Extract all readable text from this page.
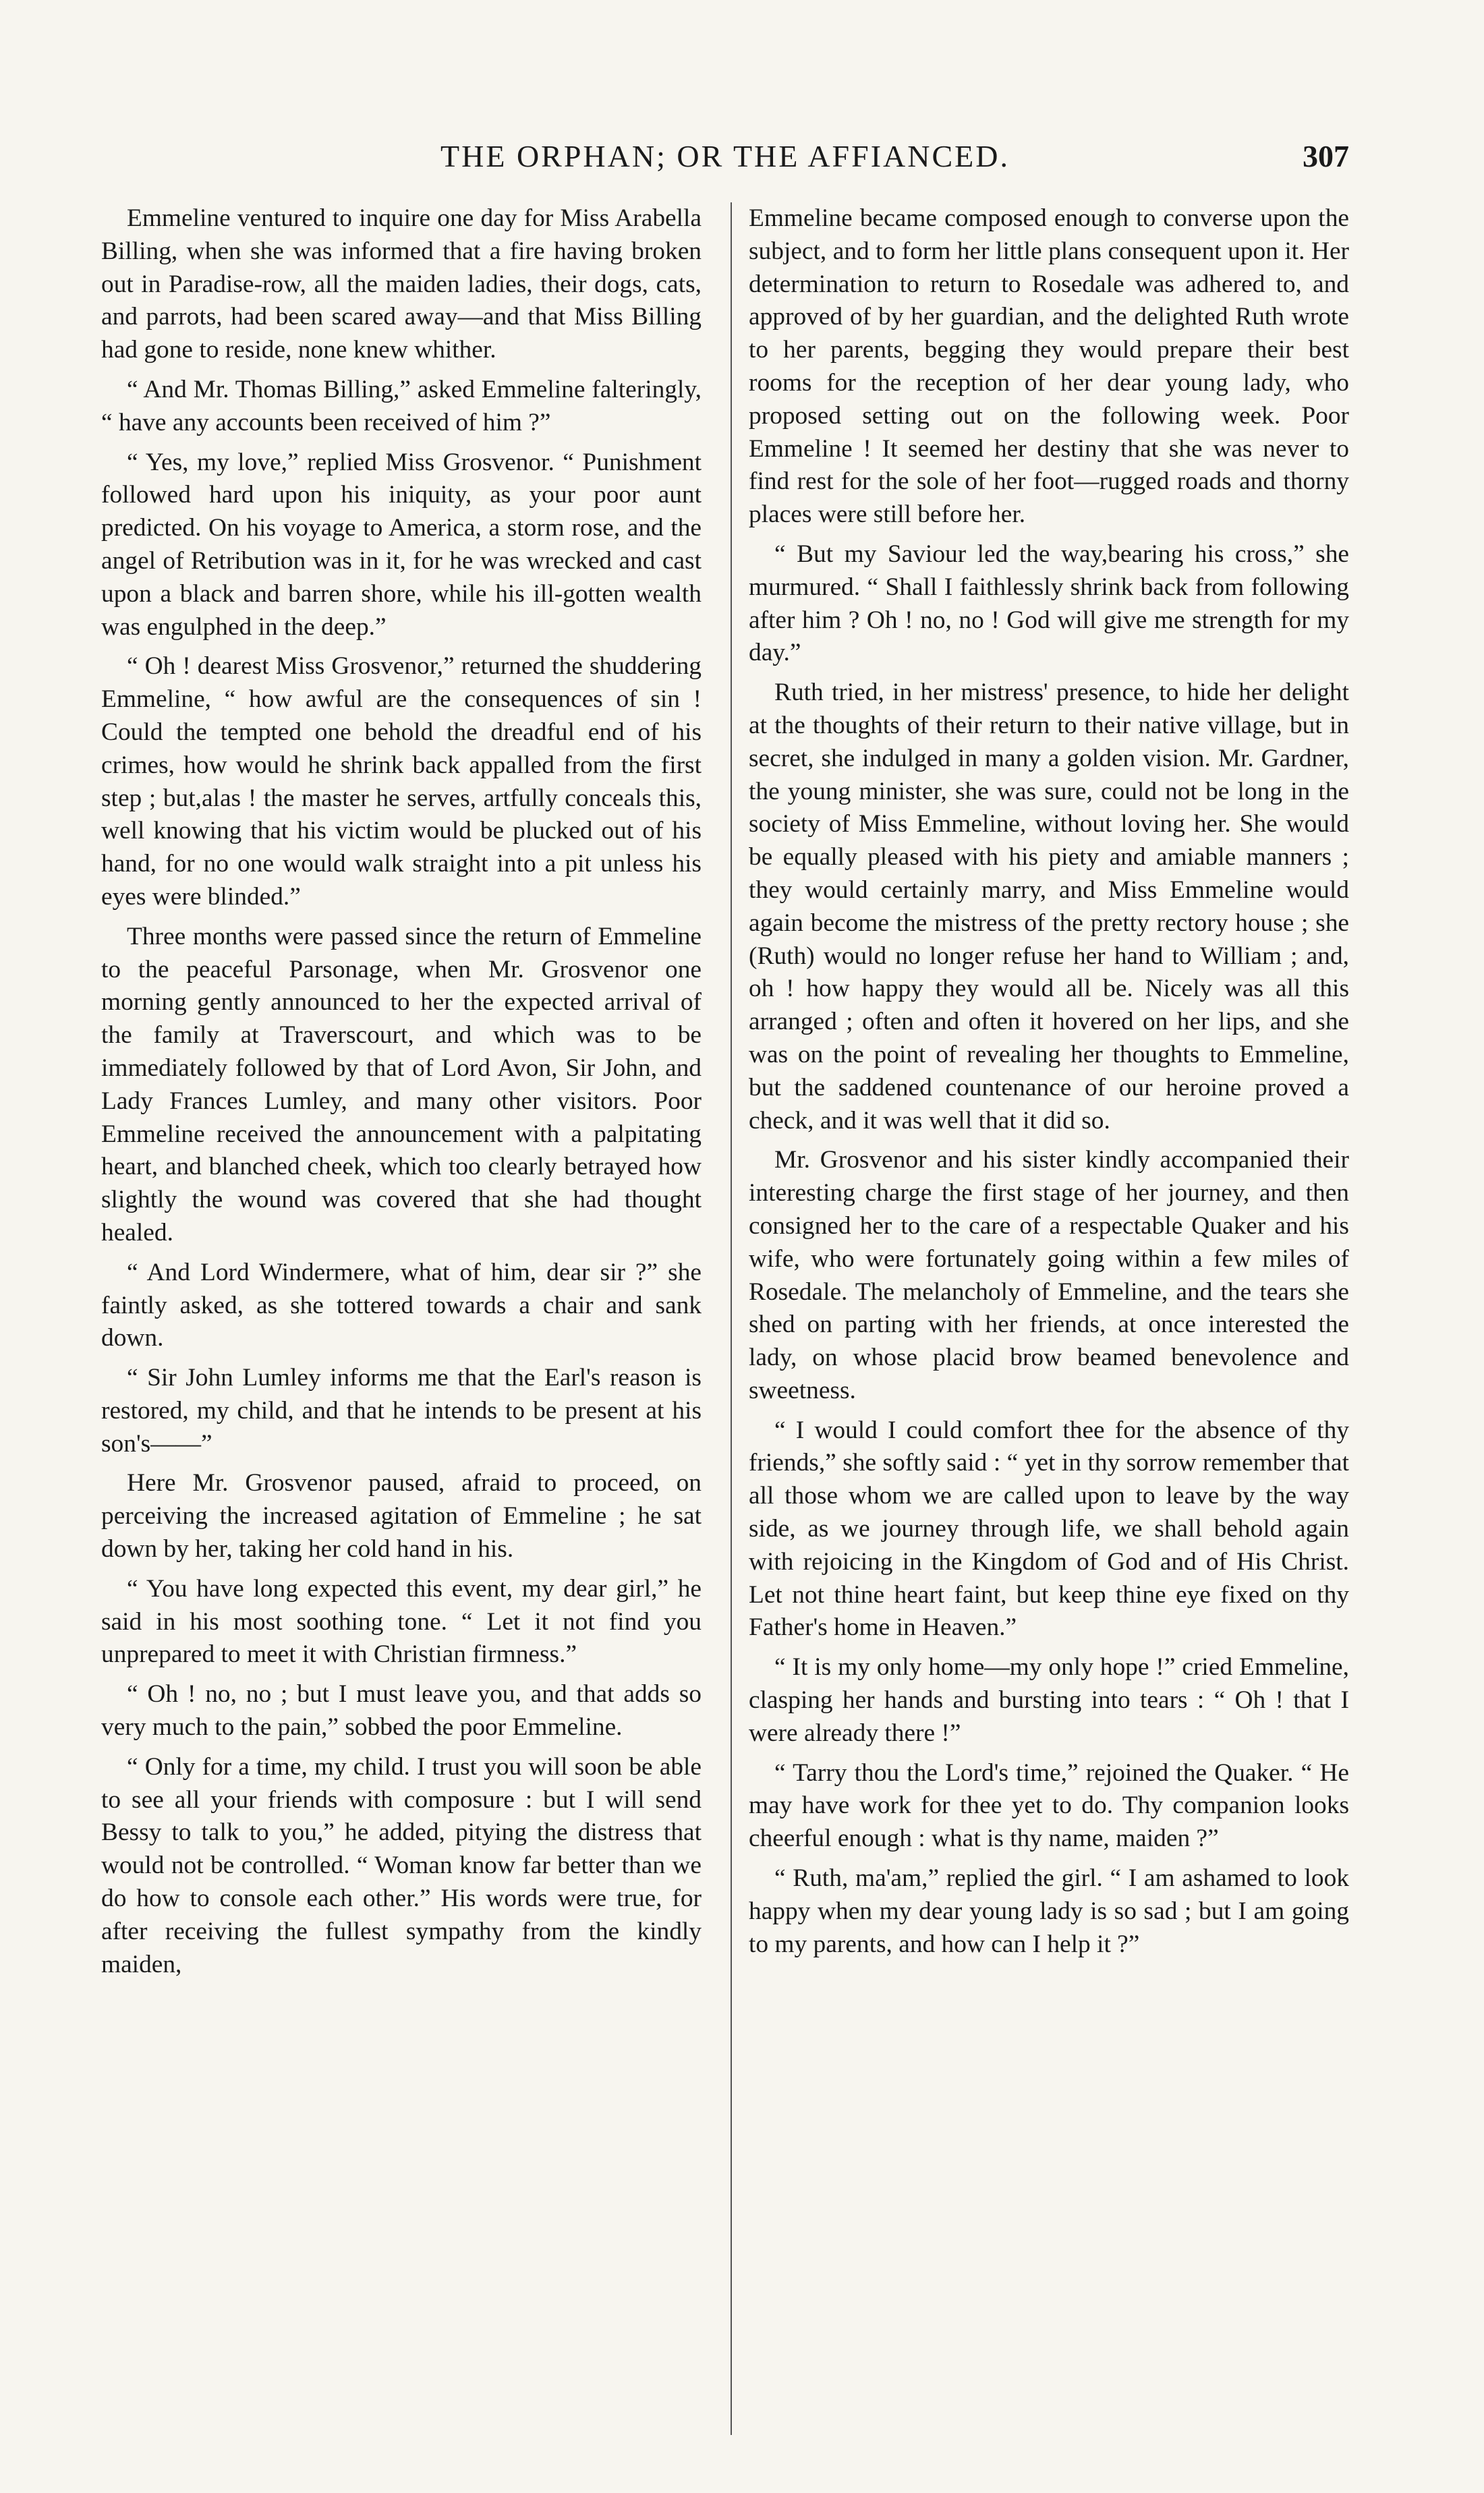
THE ORPHAN; OR THE AFFIANCED.	307

Emmeline ventured to inquire one day for Miss Arabella Billing, when she was informed that a fire having broken out in Paradise-row, all the maiden ladies, their dogs, cats, and parrots, had been scared away—and that Miss Billing had gone to reside, none knew whither.

“ And Mr. Thomas Billing,” asked Emmeline falteringly, “ have any accounts been received of him ?”

“ Yes, my love,” replied Miss Grosvenor. “ Punishment followed hard upon his iniquity, as your poor aunt predicted. On his voyage to America, a storm rose, and the angel of Retribution was in it, for he was wrecked and cast upon a black and barren shore, while his ill-gotten wealth was engulphed in the deep.”

“ Oh ! dearest Miss Grosvenor,” returned the shuddering Emmeline, “ how awful are the consequences of sin ! Could the tempted one behold the dreadful end of his crimes, how would he shrink back appalled from the first step ; but,alas ! the master he serves, artfully conceals this, well knowing that his victim would be plucked out of his hand, for no one would walk straight into a pit unless his eyes were blinded.”

Three months were passed since the return of Emmeline to the peaceful Parsonage, when Mr. Grosvenor one morning gently announced to her the expected arrival of the family at Traverscourt, and which was to be immediately followed by that of Lord Avon, Sir John, and Lady Frances Lumley, and many other visitors. Poor Emmeline received the announcement with a palpitating heart, and blanched cheek, which too clearly betrayed how slightly the wound was covered that she had thought healed.

“ And Lord Windermere, what of him, dear sir ?” she faintly asked, as she tottered towards a chair and sank down.

“ Sir John Lumley informs me that the Earl's reason is restored, my child, and that he intends to be present at his son's——”

Here Mr. Grosvenor paused, afraid to proceed, on perceiving the increased agitation of Emmeline ; he sat down by her, taking her cold hand in his.

“ You have long expected this event, my dear girl,” he said in his most soothing tone. “ Let it not find you unprepared to meet it with Christian firmness.”

“ Oh ! no, no ; but I must leave you, and that adds so very much to the pain,” sobbed the poor Emmeline.

“ Only for a time, my child. I trust you will soon be able to see all your friends with composure : but I will send Bessy to talk to you,” he added, pitying the distress that would not be controlled. “ Woman know far better than we do how to console each other.” His words were true, for after receiving the fullest sympathy from the kindly maiden,

Emmeline became composed enough to converse upon the subject, and to form her little plans consequent upon it. Her determination to return to Rosedale was adhered to, and approved of by her guardian, and the delighted Ruth wrote to her parents, begging they would prepare their best rooms for the reception of her dear young lady, who proposed setting out on the following week. Poor Emmeline ! It seemed her destiny that she was never to find rest for the sole of her foot—rugged roads and thorny places were still before her.

“ But my Saviour led the way,bearing his cross,” she murmured. “ Shall I faithlessly shrink back from following after him ? Oh ! no, no ! God will give me strength for my day.”

Ruth tried, in her mistress' presence, to hide her delight at the thoughts of their return to their native village, but in secret, she indulged in many a golden vision. Mr. Gardner, the young minister, she was sure, could not be long in the society of Miss Emmeline, without loving her. She would be equally pleased with his piety and amiable manners ; they would certainly marry, and Miss Emmeline would again become the mistress of the pretty rectory house ; she (Ruth) would no longer refuse her hand to William ; and, oh ! how happy they would all be. Nicely was all this arranged ; often and often it hovered on her lips, and she was on the point of revealing her thoughts to Emmeline, but the saddened countenance of our heroine proved a check, and it was well that it did so.

Mr. Grosvenor and his sister kindly accompanied their interesting charge the first stage of her journey, and then consigned her to the care of a respectable Quaker and his wife, who were fortunately going within a few miles of Rosedale. The melancholy of Emmeline, and the tears she shed on parting with her friends, at once interested the lady, on whose placid brow beamed benevolence and sweetness.

“ I would I could comfort thee for the absence of thy friends,” she softly said : “ yet in thy sorrow remember that all those whom we are called upon to leave by the way side, as we journey through life, we shall behold again with rejoicing in the Kingdom of God and of His Christ. Let not thine heart faint, but keep thine eye fixed on thy Father's home in Heaven.”

“ It is my only home—my only hope !” cried Emmeline, clasping her hands and bursting into tears : “ Oh ! that I were already there !”

“ Tarry thou the Lord's time,” rejoined the Quaker. “ He may have work for thee yet to do. Thy companion looks cheerful enough : what is thy name, maiden ?”

“ Ruth, ma'am,” replied the girl. “ I am ashamed to look happy when my dear young lady is so sad ; but I am going to my parents, and how can I help it ?”
